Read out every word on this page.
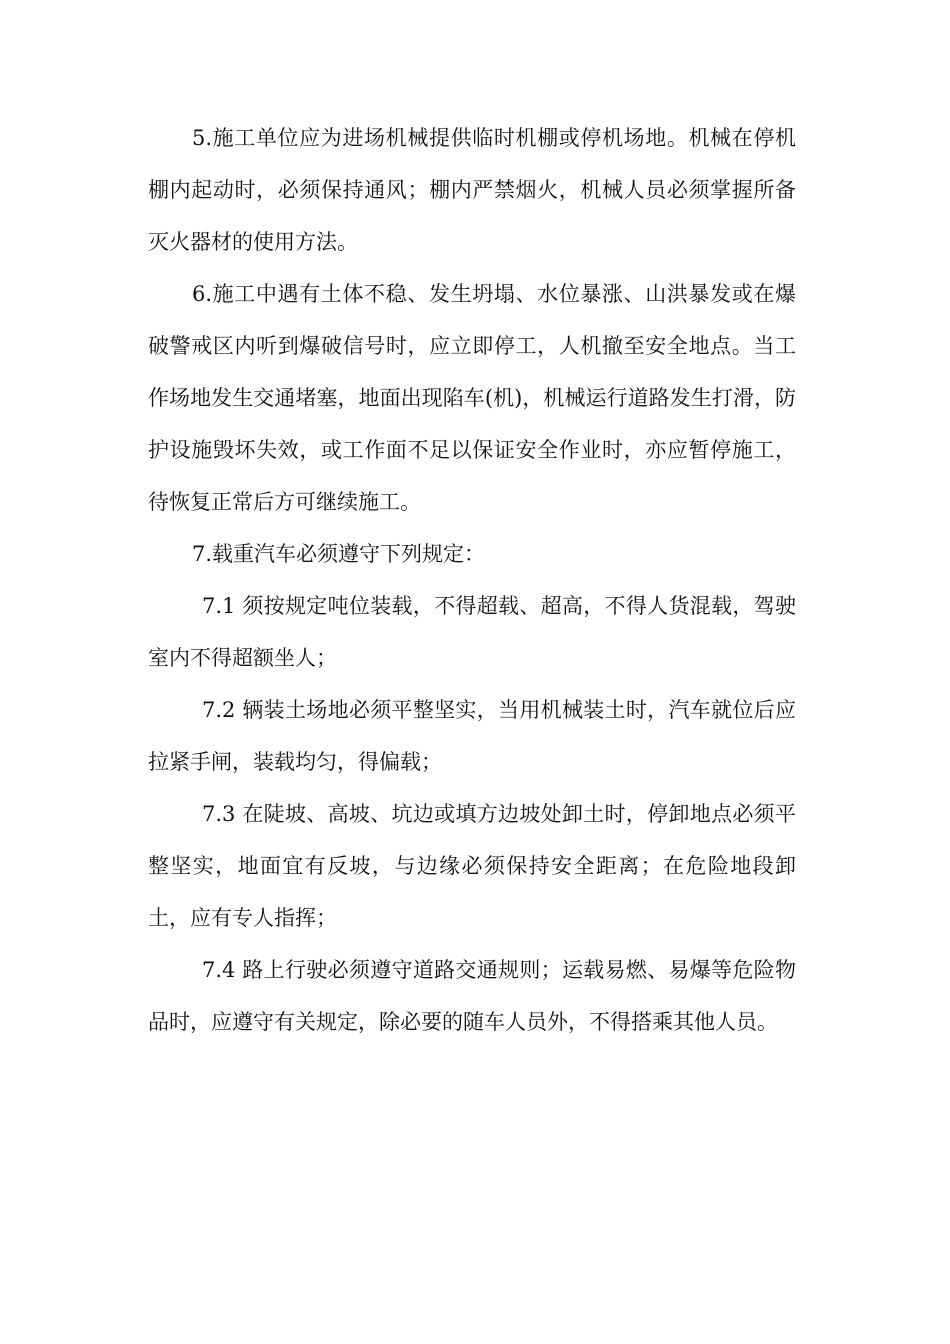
5.施工单位应为进场机械提供临时机棚或停机场地。机械在停机棚内起动时，必须保持通风；棚内严禁烟火，机械人员必须掌握所备灭火器材的使用方法。

6.施工中遇有土体不稳、发生坍塌、水位暴涨、山洪暴发或在爆破警戒区内听到爆破信号时，应立即停工，人机撤至安全地点。当工作场地发生交通堵塞，地面出现陷车(机)，机械运行道路发生打滑，防护设施毁坏失效，或工作面不足以保证安全作业时，亦应暂停施工，待恢复正常后方可继续施工。

7.载重汽车必须遵守下列规定：

7.1 须按规定吨位装载，不得超载、超高，不得人货混载，驾驶室内不得超额坐人；

7.2 辆装土场地必须平整坚实，当用机械装土时，汽车就位后应拉紧手闸，装载均匀，得偏载；

7.3 在陡坡、高坡、坑边或填方边坡处卸土时，停卸地点必须平整坚实，地面宜有反坡，与边缘必须保持安全距离；在危险地段卸土，应有专人指挥；

7.4 路上行驶必须遵守道路交通规则；运载易燃、易爆等危险物品时，应遵守有关规定，除必要的随车人员外，不得搭乘其他人员。
